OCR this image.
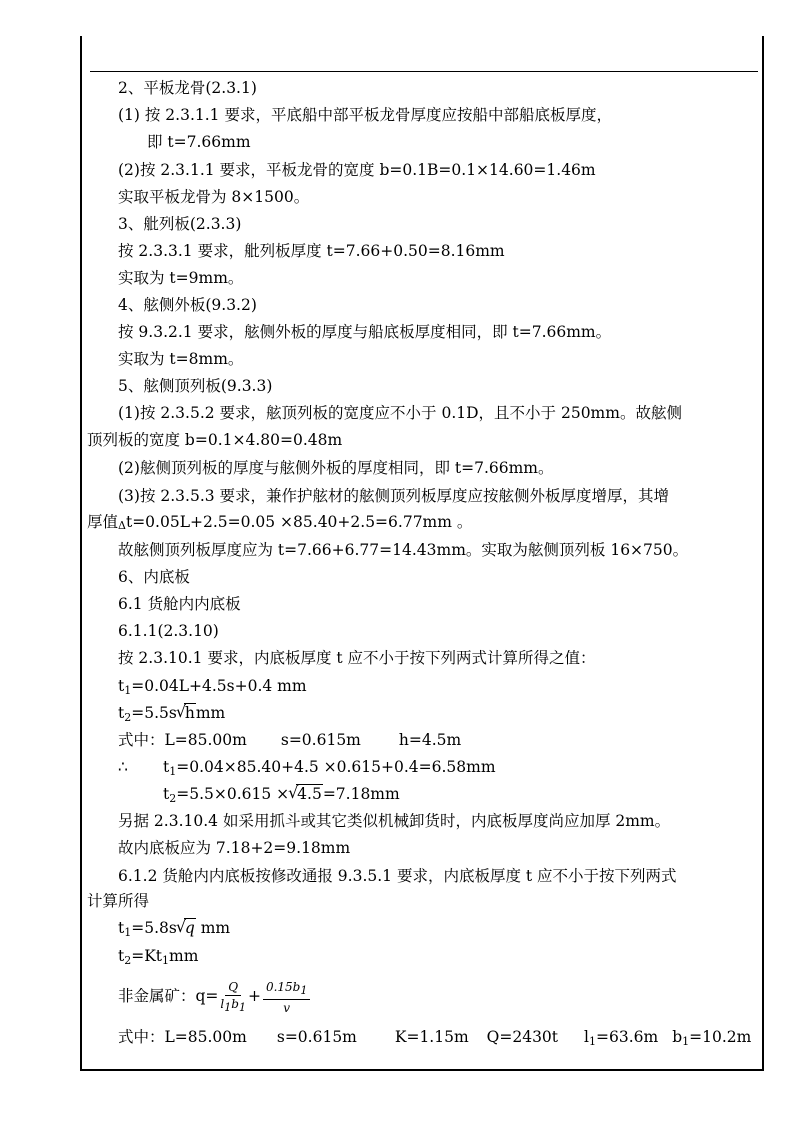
2、平板龙骨(2.3.1)
(1) 按 2.3.1.1 要求，平底船中部平板龙骨厚度应按船中部船底板厚度，
即 t=7.66mm
(2)按 2.3.1.1 要求，平板龙骨的宽度 b=0.1B=0.1×14.60=1.46m
实取平板龙骨为 8×1500。
3、舭列板(2.3.3)
按 2.3.3.1 要求，舭列板厚度 t=7.66+0.50=8.16mm
实取为 t=9mm。
4、舷侧外板(9.3.2)
按 9.3.2.1 要求，舷侧外板的厚度与船底板厚度相同，即 t=7.66mm。
实取为 t=8mm。
5、舷侧顶列板(9.3.3)
(1)按 2.3.5.2 要求，舷顶列板的宽度应不小于 0.1D，且不小于 250mm。故舷侧
顶列板的宽度 b=0.1×4.80=0.48m
(2)舷侧顶列板的厚度与舷侧外板的厚度相同，即 t=7.66mm。
(3)按 2.3.5.3 要求，兼作护舷材的舷侧顶列板厚度应按舷侧外板厚度增厚，其增
厚值Δt=0.05L+2.5=0.05 ×85.40+2.5=6.77mm 。
故舷侧顶列板厚度应为 t=7.66+6.77=14.43mm。实取为舷侧顶列板 16×750。
6、内底板
6.1 货舱内内底板
6.1.1(2.3.10)
按 2.3.10.1 要求，内底板厚度 t 应不小于按下列两式计算所得之值：
$t_1=0.04L+4.5s+0.4$ mm
$t_2=5.5s√$ hmm
式中：L=85.00m s=0.615m h=4.5m
∴ $t_1=0.04\times 85.40+4.5 \times 0.615+0.4=6.58mm$
$t_2=5.5\times 0.615$ ×√ 4.5=7.18mm
另据 2.3.10.4 如采用抓斗或其它类似机械卸货时，内底板厚度尚应加厚 2mm。
故内底板应为 7.18+2=9.18mm
6.1.2 货舱内内底板按修改通报 9.3.5.1 要求，内底板厚度 t 应不小于按下列两式
计算所得
$t_1=5.8s√$ q mm
$t_2=Kt_1mm$
非金属矿：$q= \frac{Q}{l_1b_1} + \frac{0.15b_1}{v}$
式中：L=85.00m s=0.615m K=1.15m Q=2430t $l_1=63.6m$ $b_1=10.2m$
